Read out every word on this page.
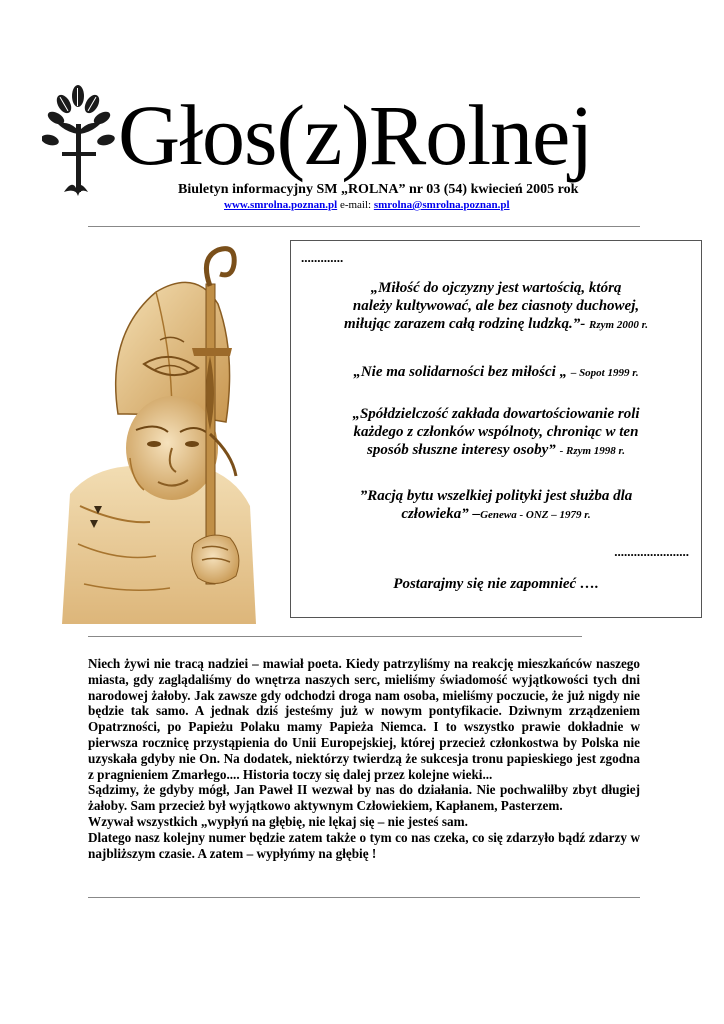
Głos(z)Rolnej
Biuletyn informacyjny SM „ROLNA” nr 03 (54) kwiecień 2005 rok
www.smrolna.poznan.pl e-mail: smrolna@smrolna.poznan.pl
.............
„Miłość do ojczyzny jest wartością, którą
należy kultywować, ale bez ciasnoty duchowej,
miłując zarazem całą rodzinę ludzką.”- Rzym 2000 r.
„Nie ma solidarności bez miłości „ – Sopot 1999 r.
„Spółdzielczość zakłada dowartościowanie roli
każdego z członków wspólnoty, chroniąc w ten
sposób słuszne interesy osoby” - Rzym 1998 r.
”Racją bytu wszelkiej polityki jest służba dla
człowieka” –Genewa - ONZ – 1979 r.
.......................
Postarajmy się nie zapomnieć ….

Niech żywi nie tracą nadziei – mawiał poeta. Kiedy patrzyliśmy na reakcję mieszkańców naszego miasta, gdy zaglądaliśmy do wnętrza naszych serc, mieliśmy świadomość wyjątkowości tych dni narodowej żałoby. Jak zawsze gdy odchodzi droga nam osoba, mieliśmy poczucie, że już nigdy nie będzie tak samo. A jednak dziś jesteśmy już w nowym pontyfikacie. Dziwnym zrządzeniem Opatrzności, po Papieżu Polaku mamy Papieża Niemca. I to wszystko prawie dokładnie w pierwsza rocznicę przystąpienia do Unii Europejskiej, której przecież członkostwa by Polska nie uzyskała gdyby nie On. Na dodatek, niektórzy twierdzą że sukcesja tronu papieskiego jest zgodna z pragnieniem Zmarłego.... Historia toczy się dalej przez kolejne wieki...

Sądzimy, że gdyby mógł, Jan Paweł II wezwał by nas do działania. Nie pochwaliłby zbyt długiej żałoby. Sam przecież był wyjątkowo aktywnym Człowiekiem, Kapłanem, Pasterzem.

Wzywał wszystkich „wypłyń na głębię, nie lękaj się – nie jesteś sam.

Dlatego nasz kolejny numer będzie zatem także o tym co nas czeka, co się zdarzyło bądź zdarzy w najbliższym czasie. A zatem – wypłyńmy na głębię !
